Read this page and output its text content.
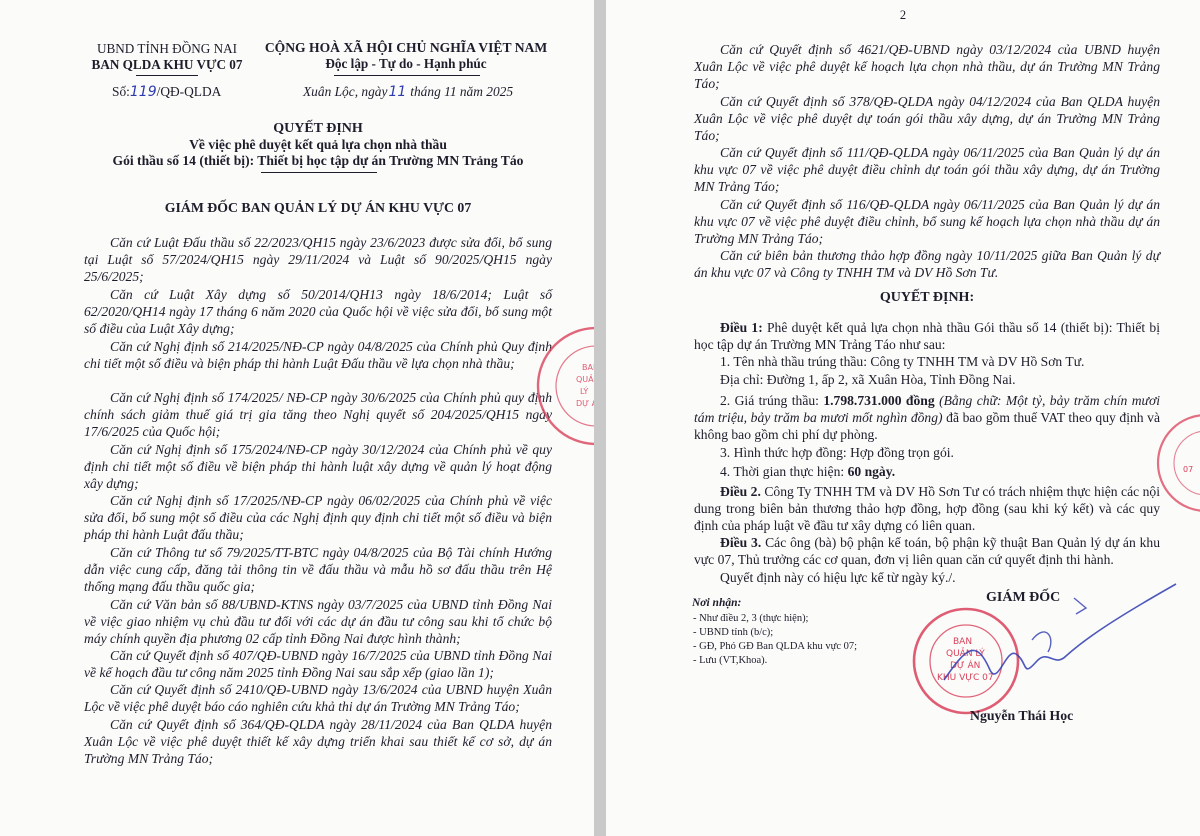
UBND TỈNH ĐỒNG NAI
BAN QLDA KHU VỰC 07
CỘNG HOÀ XÃ HỘI CHỦ NGHĨA VIỆT NAM
Độc lập - Tự do - Hạnh phúc
Số:119/QĐ-QLDA	Xuân Lộc, ngày11 tháng 11 năm 2025
QUYẾT ĐỊNH
Về việc phê duyệt kết quả lựa chọn nhà thầu
Gói thầu số 14 (thiết bị): Thiết bị học tập dự án Trường MN Trảng Táo
GIÁM ĐỐC BAN QUẢN LÝ DỰ ÁN KHU VỰC 07
Căn cứ Luật Đấu thầu số 22/2023/QH15 ngày 23/6/2023 được sửa đổi, bổ sung tại Luật số 57/2024/QH15 ngày 29/11/2024 và Luật số 90/2025/QH15 ngày 25/6/2025;
Căn cứ Luật Xây dựng số 50/2014/QH13 ngày 18/6/2014; Luật số 62/2020/QH14 ngày 17 tháng 6 năm 2020 của Quốc hội về việc sửa đổi, bổ sung một số điều của Luật Xây dựng;
Căn cứ Nghị định số 214/2025/NĐ-CP ngày 04/8/2025 của Chính phủ Quy định chi tiết một số điều và biện pháp thi hành Luật Đấu thầu về lựa chọn nhà thầu;
Căn cứ Nghị định số 174/2025/ NĐ-CP ngày 30/6/2025 của Chính phủ quy định chính sách giảm thuế giá trị gia tăng theo Nghị quyết số 204/2025/QH15 ngày 17/6/2025 của Quốc hội;
Căn cứ Nghị định số 175/2024/NĐ-CP ngày 30/12/2024 của Chính phủ về quy định chi tiết một số điều về biện pháp thi hành luật xây dựng về quản lý hoạt động xây dựng;
Căn cứ Nghị định số 17/2025/NĐ-CP ngày 06/02/2025 của Chính phủ về việc sửa đổi, bổ sung một số điều của các Nghị định quy định chi tiết một số điều và biện pháp thi hành Luật đấu thầu;
Căn cứ Thông tư số 79/2025/TT-BTC ngày 04/8/2025 của Bộ Tài chính Hướng dẫn việc cung cấp, đăng tải thông tin về đấu thầu và mẫu hồ sơ đấu thầu trên Hệ thống mạng đấu thầu quốc gia;
Căn cứ Văn bản số 88/UBND-KTNS ngày 03/7/2025 của UBND tỉnh Đồng Nai về việc giao nhiệm vụ chủ đầu tư đối với các dự án đầu tư công sau khi tổ chức bộ máy chính quyền địa phương 02 cấp tỉnh Đồng Nai được hình thành;
Căn cứ Quyết định số 407/QĐ-UBND ngày 16/7/2025 của UBND tỉnh Đồng Nai về kế hoạch đầu tư công năm 2025 tỉnh Đồng Nai sau sắp xếp (giao lần 1);
Căn cứ Quyết định số 2410/QĐ-UBND ngày 13/6/2024 của UBND huyện Xuân Lộc về việc phê duyệt báo cáo nghiên cứu khả thi dự án Trường MN Trảng Táo;
Căn cứ Quyết định số 364/QĐ-QLDA ngày 28/11/2024 của Ban QLDA huyện Xuân Lộc về việc phê duyệt thiết kế xây dựng triển khai sau thiết kế cơ sở, dự án Trường MN Trảng Táo;
BAN
QUẢN
LÝ
DỰ ÁN
2
Căn cứ Quyết định số 4621/QĐ-UBND ngày 03/12/2024 của UBND huyện Xuân Lộc về việc phê duyệt kế hoạch lựa chọn nhà thầu, dự án Trường MN Trảng Táo;
Căn cứ Quyết định số 378/QĐ-QLDA ngày 04/12/2024 của Ban QLDA huyện Xuân Lộc về việc phê duyệt dự toán gói thầu xây dựng, dự án Trường MN Trảng Táo;
Căn cứ Quyết định số 111/QĐ-QLDA ngày 06/11/2025 của Ban Quản lý dự án khu vực 07 về việc phê duyệt điều chỉnh dự toán gói thầu xây dựng, dự án Trường MN Trảng Táo;
Căn cứ Quyết định số 116/QĐ-QLDA ngày 06/11/2025 của Ban Quản lý dự án khu vực 07 về việc phê duyệt điều chỉnh, bổ sung kế hoạch lựa chọn nhà thầu dự án Trường MN Trảng Táo;
Căn cứ biên bản thương thảo hợp đồng ngày 10/11/2025 giữa Ban Quản lý dự án khu vực 07 và Công ty TNHH TM và DV Hồ Sơn Tư.
QUYẾT ĐỊNH:
Điều 1: Phê duyệt kết quả lựa chọn nhà thầu Gói thầu số 14 (thiết bị): Thiết bị học tập dự án Trường MN Trảng Táo như sau:
1. Tên nhà thầu trúng thầu: Công ty TNHH TM và DV Hồ Sơn Tư.
Địa chỉ: Đường 1, ấp 2, xã Xuân Hòa, Tỉnh Đồng Nai.
2. Giá trúng thầu: 1.798.731.000 đồng (Bằng chữ: Một tỷ, bảy trăm chín mươi tám triệu, bảy trăm ba mươi mốt nghìn đồng) đã bao gồm thuế VAT theo quy định và không bao gồm chi phí dự phòng.
3. Hình thức hợp đồng: Hợp đồng trọn gói.
4. Thời gian thực hiện: 60 ngày.
Điều 2. Công Ty TNHH TM và DV Hồ Sơn Tư có trách nhiệm thực hiện các nội dung trong biên bản thương thảo hợp đồng, hợp đồng (sau khi ký kết) và các quy định của pháp luật về đầu tư xây dựng có liên quan.
Điều 3. Các ông (bà) bộ phận kế toán, bộ phận kỹ thuật Ban Quản lý dự án khu vực 07, Thủ trưởng các cơ quan, đơn vị liên quan căn cứ quyết định thi hành.
Quyết định này có hiệu lực kể từ ngày ký./.
Nơi nhận:
- Như điều 2, 3 (thực hiện);
- UBND tỉnh (b/c);
- GĐ, Phó GĐ Ban QLDA khu vực 07;
- Lưu (VT,Khoa).
GIÁM ĐỐC
BAN
QUẢN LÝ
DỰ ÁN
KHU VỰC 07
Nguyễn Thái Học
07
